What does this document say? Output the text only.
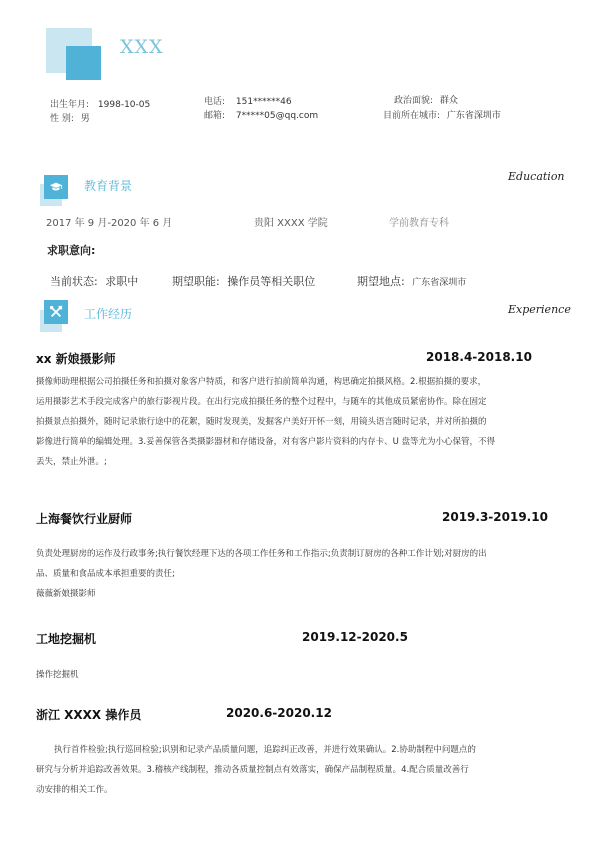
XXX
出生年月: 1998-10-05
性 别: 男
电话: 151******46
邮箱: 7*****05@qq.com
政治面貌: 群众
目前所在城市: 广东省深圳市
教育背景
Education
2017 年 9 月-2020 年 6 月	贵阳 XXXX 学院	学前教育专科
求职意向:
当前状态: 求职中	期望职能: 操作员等相关职位	期望地点: 广东省深圳市
工作经历	Experience
xx 新娘摄影师	2018.4-2018.10
摄像师助理根据公司拍摄任务和拍摄对象客户特质，和客户进行拍前简单沟通，构思确定拍摄风格。2.根据拍摄的要求，
运用摄影艺术手段完成客户的旅行影视片段。在出行完成拍摄任务的整个过程中，与随车的其他成员紧密协作。除在固定
拍摄景点拍摄外，随时记录旅行途中的花絮，随时发现美，发掘客户美好开怀一刻，用镜头语言随时记录，并对所拍摄的
影像进行简单的编辑处理。3.妥善保管各类摄影器材和存储设备，对有客户影片资料的内存卡、U 盘等尤为小心保管，不得
丢失，禁止外泄。;
上海餐饮行业厨师	2019.3-2019.10
负责处理厨房的运作及行政事务;执行餐饮经理下达的各项工作任务和工作指示;负责制订厨房的各种工作计划;对厨房的出
品、质量和食品成本承担重要的责任;
薇薇新娘摄影师
工地挖掘机	2019.12-2020.5
操作挖掘机
浙江 XXXX 操作员	2020.6-2020.12
执行首件检验;执行巡回检验;识别和记录产品质量问题，追踪纠正改善，并进行效果确认。2.协助制程中问题点的
研究与分析并追踪改善效果。3.稽核产线制程，推动各质量控制点有效落实，确保产品制程质量。4.配合质量改善行
动安排的相关工作。
